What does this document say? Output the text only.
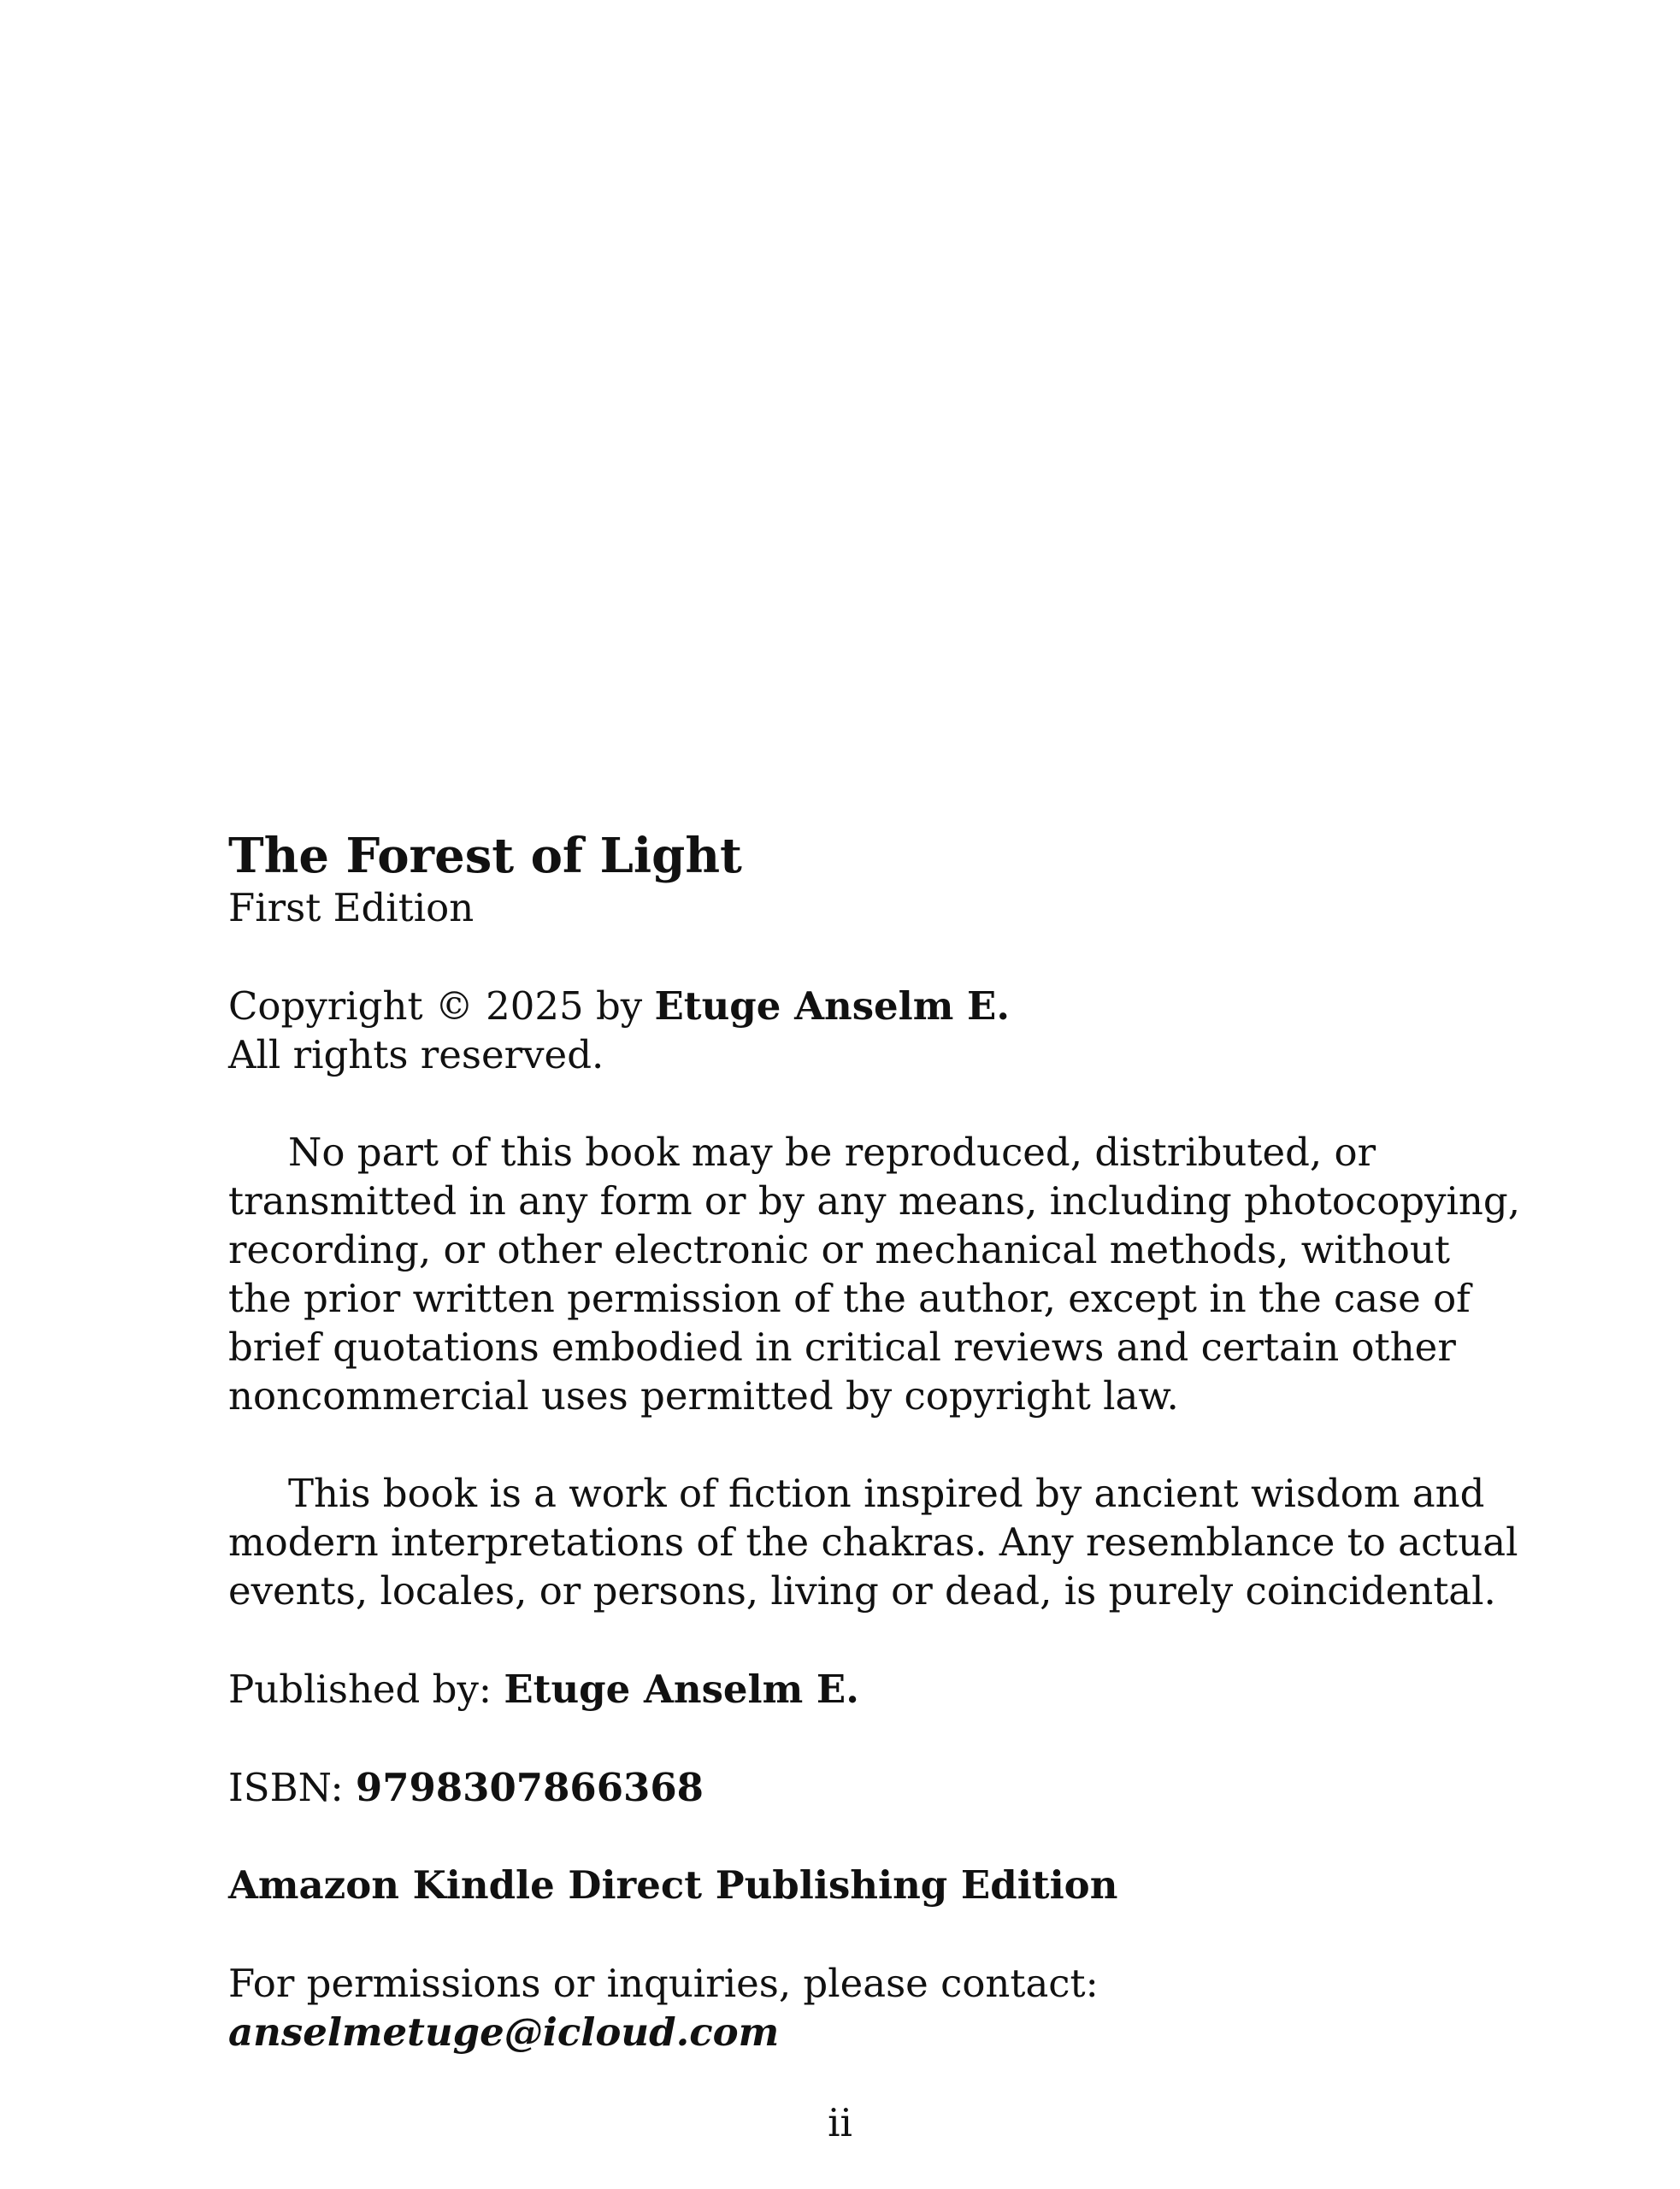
The Forest of Light
First Edition
Copyright © 2025 by Etuge Anselm E.
All rights reserved.
No part of this book may be reproduced, distributed, or
transmitted in any form or by any means, including photocopying,
recording, or other electronic or mechanical methods, without
the prior written permission of the author, except in the case of
brief quotations embodied in critical reviews and certain other
noncommercial uses permitted by copyright law.
This book is a work of fiction inspired by ancient wisdom and
modern interpretations of the chakras. Any resemblance to actual
events, locales, or persons, living or dead, is purely coincidental.
Published by: Etuge Anselm E.
ISBN: 9798307866368
Amazon Kindle Direct Publishing Edition
For permissions or inquiries, please contact:
anselmetuge@icloud.com
ii
